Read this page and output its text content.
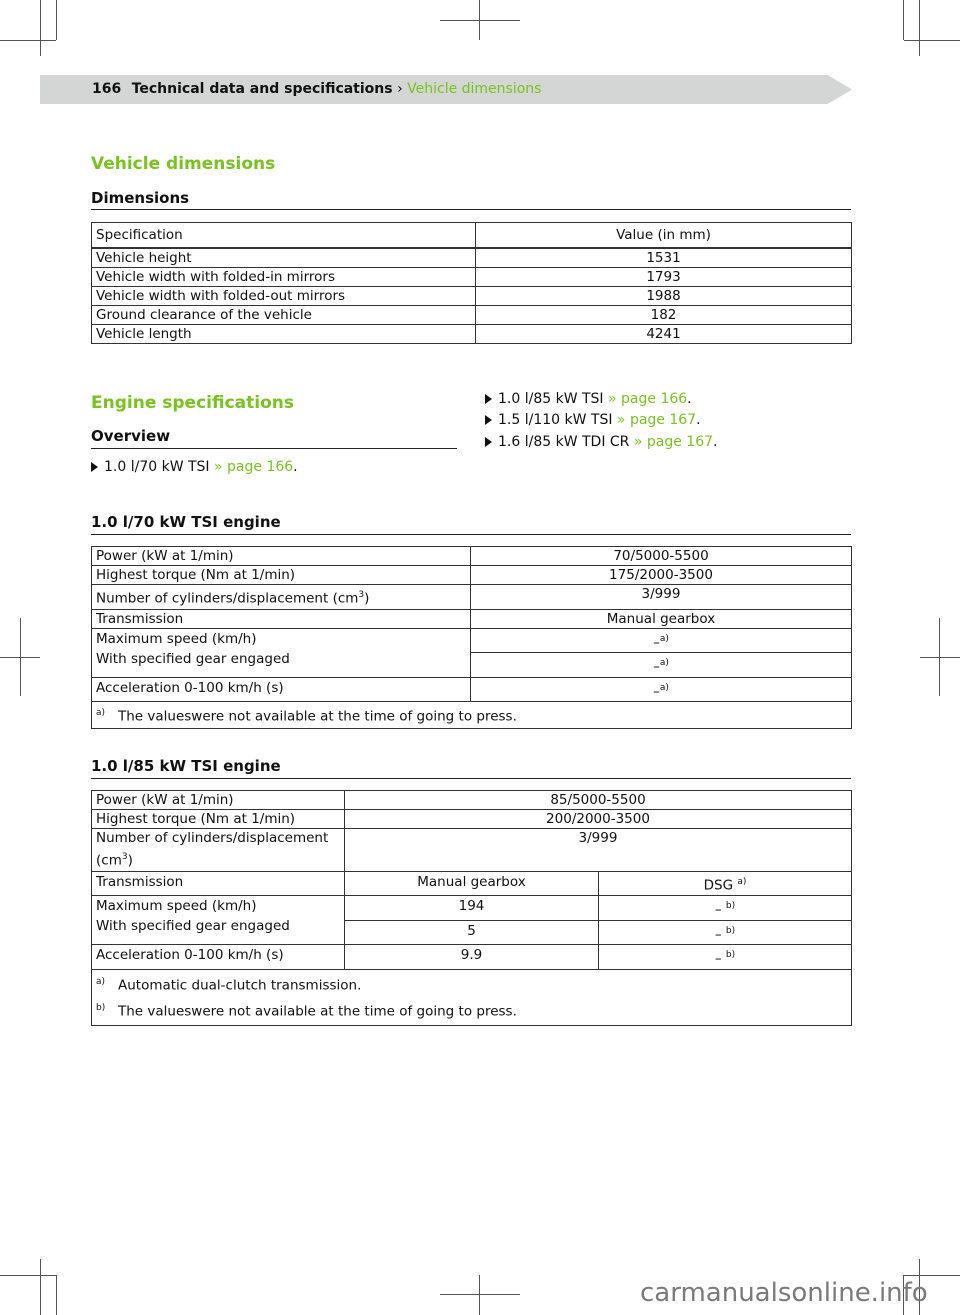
166 Technical data and specifications › Vehicle dimensions
Vehicle dimensions
Dimensions
Specification	Value (in mm)
Vehicle height	1531
Vehicle width with folded-in mirrors	1793
Vehicle width with folded-out mirrors	1988
Ground clearance of the vehicle	182
Vehicle length	4241
Engine specifications
Overview
1.0 l/70 kW TSI » page 166.
1.0 l/85 kW TSI » page 166.
1.5 l/110 kW TSI » page 167.
1.6 l/85 kW TDI CR » page 167.
1.0 l/70 kW TSI engine
Power (kW at 1/min)	70/5000-5500
Highest torque (Nm at 1/min)	175/2000-3500
Number of cylinders/displacement $(cm^3)$	3/999
Transmission	Manual gearbox

Maximum speed (km/h)
With specified gear engaged	–$^{a)}$
	–$^{a)}$
Acceleration 0-100 km/h (s)	–$^{a)}$
a) The valueswere not available at the time of going to press.	
1.0 l/85 kW TSI engine
Power (kW at 1/min)	85/5000-5500	
Highest torque (Nm at 1/min)	200/2000-3500	

Number of cylinders/displacement
$(cm^3)$	3/999	
Transmission	Manual gearbox	DSG $^{a)}$

Maximum speed (km/h)
With specified gear engaged	194	– $^{b)}$
	5	– $^{b)}$
Acceleration 0-100 km/h (s)	9.9	– $^{b)}$

a) Automatic dual-clutch transmission.
b) The valueswere not available at the time of going to press.		
carmanualsonline.info
